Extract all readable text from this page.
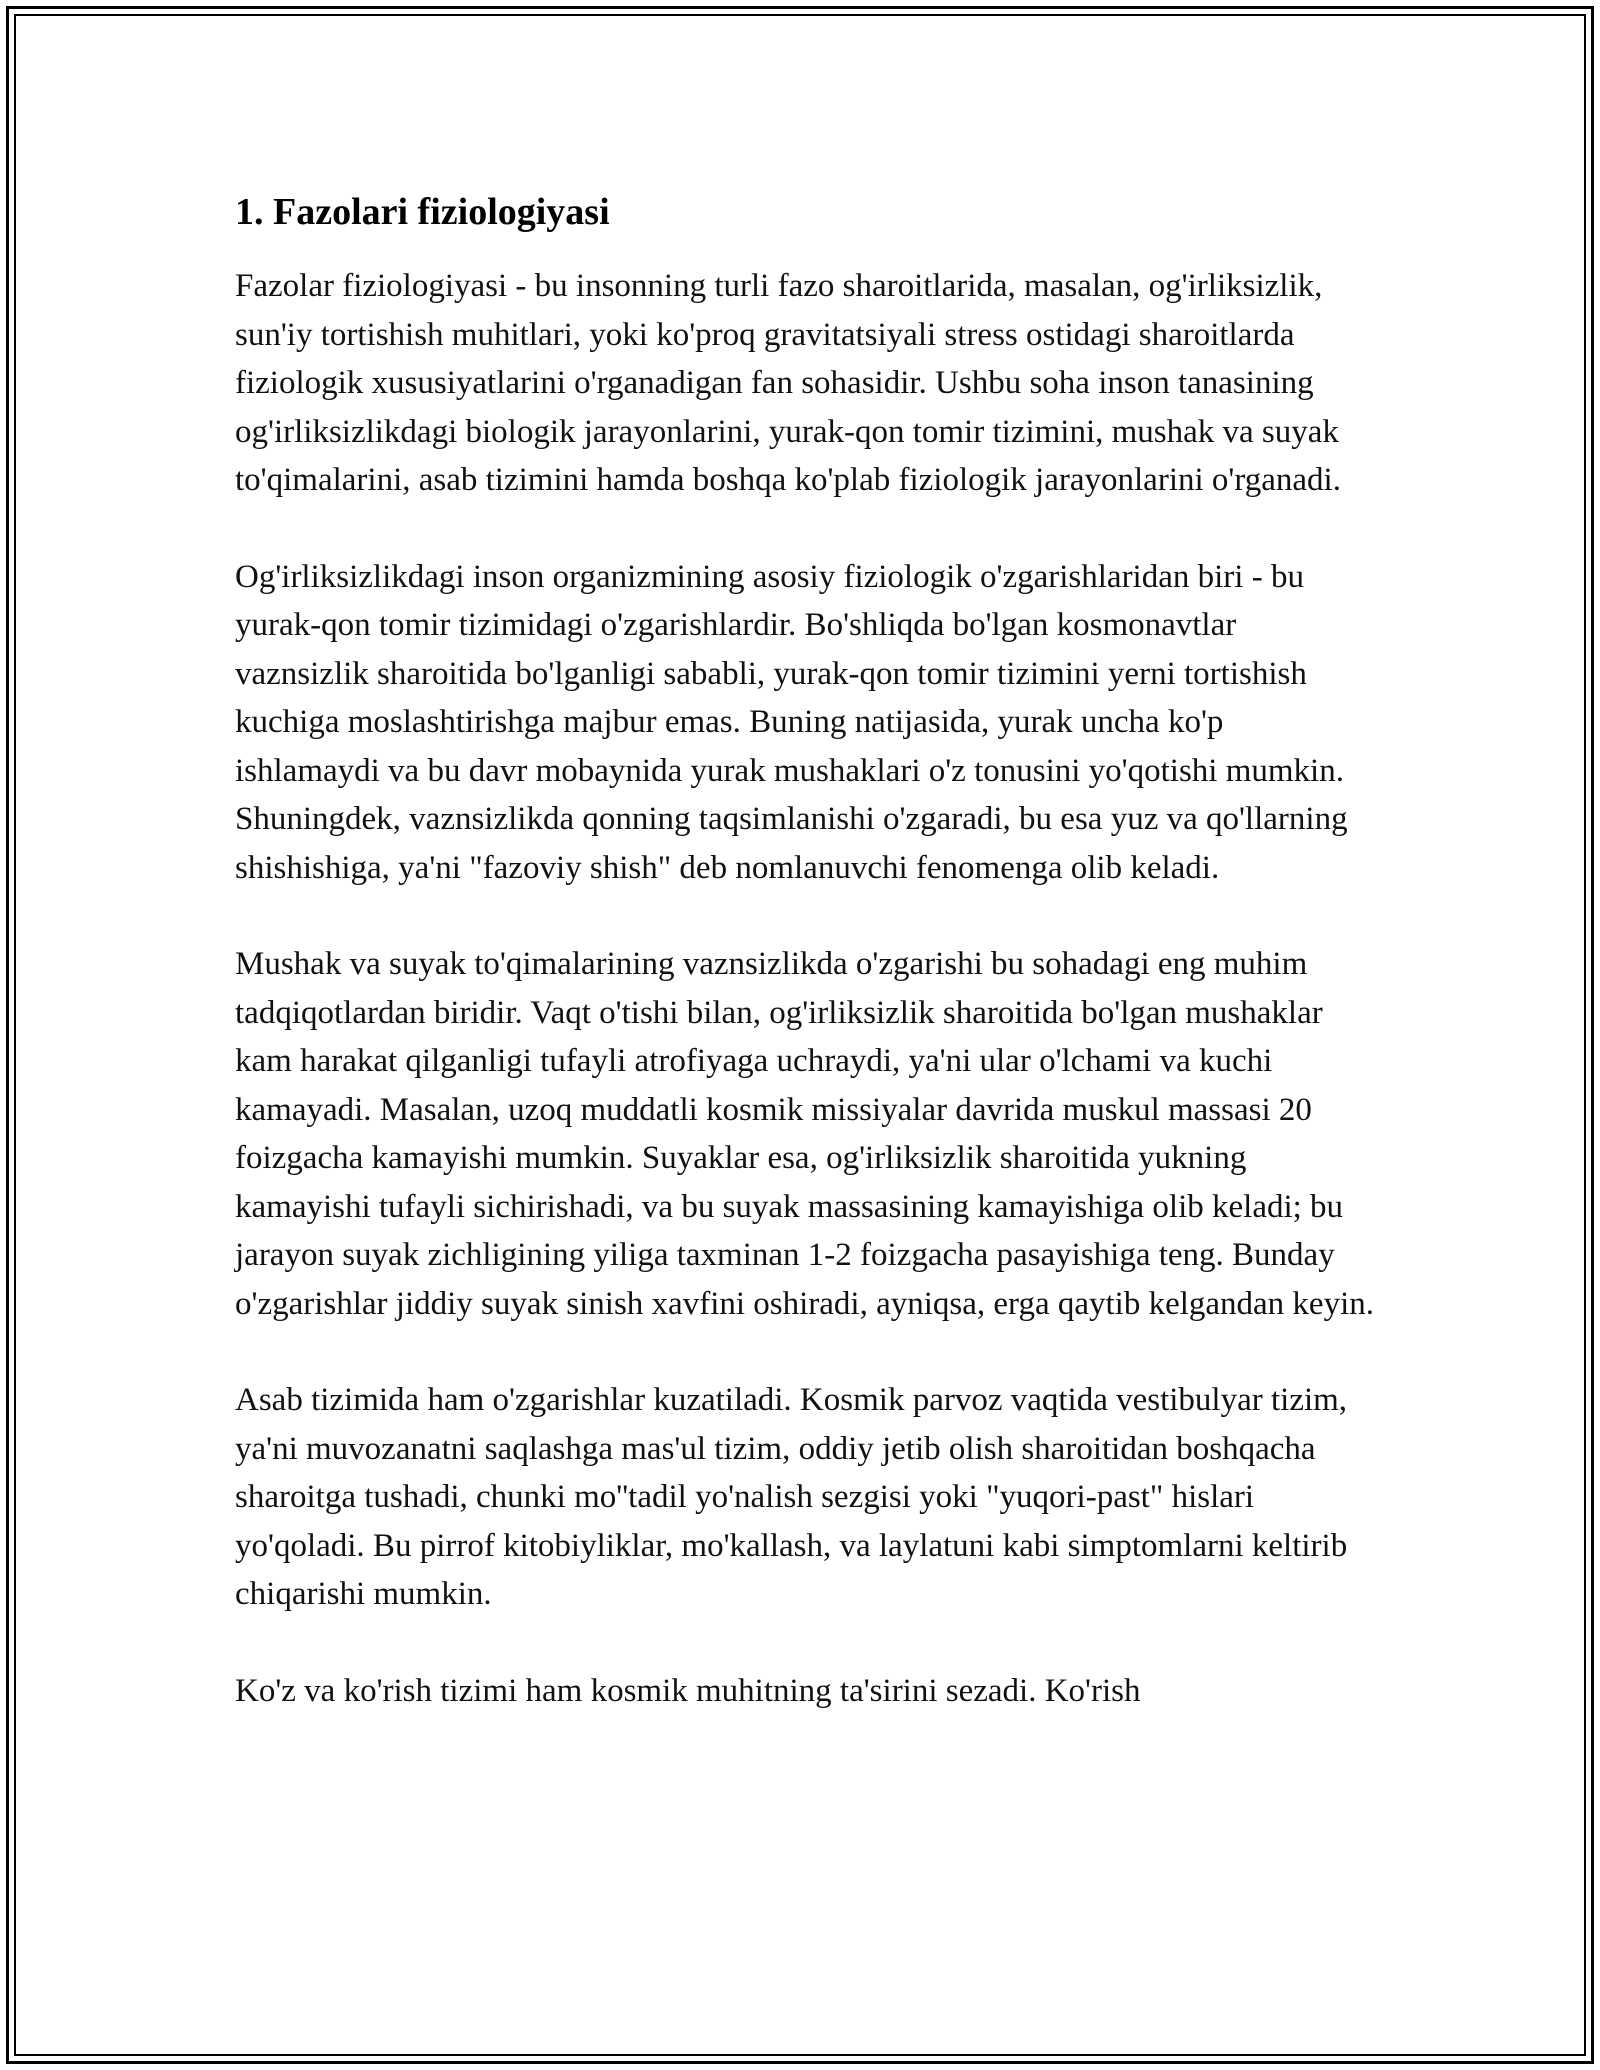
1. Fazolari fiziologiyasi

Fazolar fiziologiyasi - bu insonning turli fazo sharoitlarida, masalan, og'irliksizlik, sun'iy tortishish muhitlari, yoki ko'proq gravitatsiyali stress ostidagi sharoitlarda fiziologik xususiyatlarini o'rganadigan fan sohasidir. Ushbu soha inson tanasining og'irliksizlikdagi biologik jarayonlarini, yurak-qon tomir tizimini, mushak va suyak to'qimalarini, asab tizimini hamda boshqa ko'plab fiziologik jarayonlarini o'rganadi.

Og'irliksizlikdagi inson organizmining asosiy fiziologik o'zgarishlaridan biri - bu yurak-qon tomir tizimidagi o'zgarishlardir. Bo'shliqda bo'lgan kosmonavtlar vaznsizlik sharoitida bo'lganligi sababli, yurak-qon tomir tizimini yerni tortishish kuchiga moslashtirishga majbur emas. Buning natijasida, yurak uncha ko'p ishlamaydi va bu davr mobaynida yurak mushaklari o'z tonusini yo'qotishi mumkin. Shuningdek, vaznsizlikda qonning taqsimlanishi o'zgaradi, bu esa yuz va qo'llarning shishishiga, ya'ni "fazoviy shish" deb nomlanuvchi fenomenga olib keladi.

Mushak va suyak to'qimalarining vaznsizlikda o'zgarishi bu sohadagi eng muhim tadqiqotlardan biridir. Vaqt o'tishi bilan, og'irliksizlik sharoitida bo'lgan mushaklar kam harakat qilganligi tufayli atrofiyaga uchraydi, ya'ni ular o'lchami va kuchi kamayadi. Masalan, uzoq muddatli kosmik missiyalar davrida muskul massasi 20 foizgacha kamayishi mumkin. Suyaklar esa, og'irliksizlik sharoitida yukning kamayishi tufayli sichirishadi, va bu suyak massasining kamayishiga olib keladi; bu jarayon suyak zichligining yiliga taxminan 1-2 foizgacha pasayishiga teng. Bunday o'zgarishlar jiddiy suyak sinish xavfini oshiradi, ayniqsa, erga qaytib kelgandan keyin.

Asab tizimida ham o'zgarishlar kuzatiladi. Kosmik parvoz vaqtida vestibulyar tizim, ya'ni muvozanatni saqlashga mas'ul tizim, oddiy jetib olish sharoitidan boshqacha sharoitga tushadi, chunki mo''tadil yo'nalish sezgisi yoki "yuqori-past" hislari yo'qoladi. Bu pirrof kitobiyliklar, mo'kallash, va laylatuni kabi simptomlarni keltirib chiqarishi mumkin.

Ko'z va ko'rish tizimi ham kosmik muhitning ta'sirini sezadi. Ko'rish
